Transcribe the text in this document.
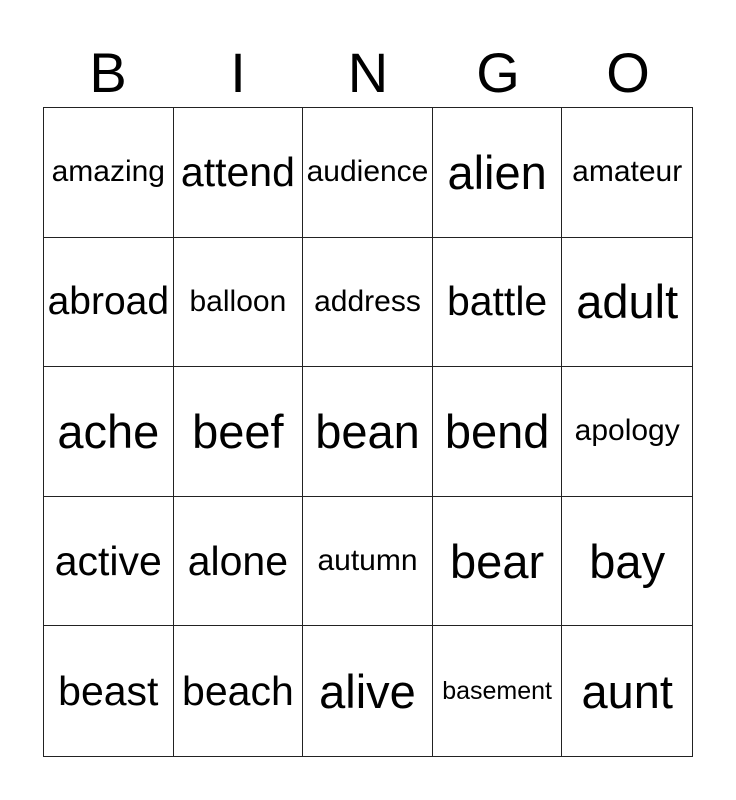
B	I	N	G	O
amazing attend audience alien amateur
abroad balloon address battle adult
ache beef bean bend apology
active alone autumn bear bay
beast beach alive basement aunt
